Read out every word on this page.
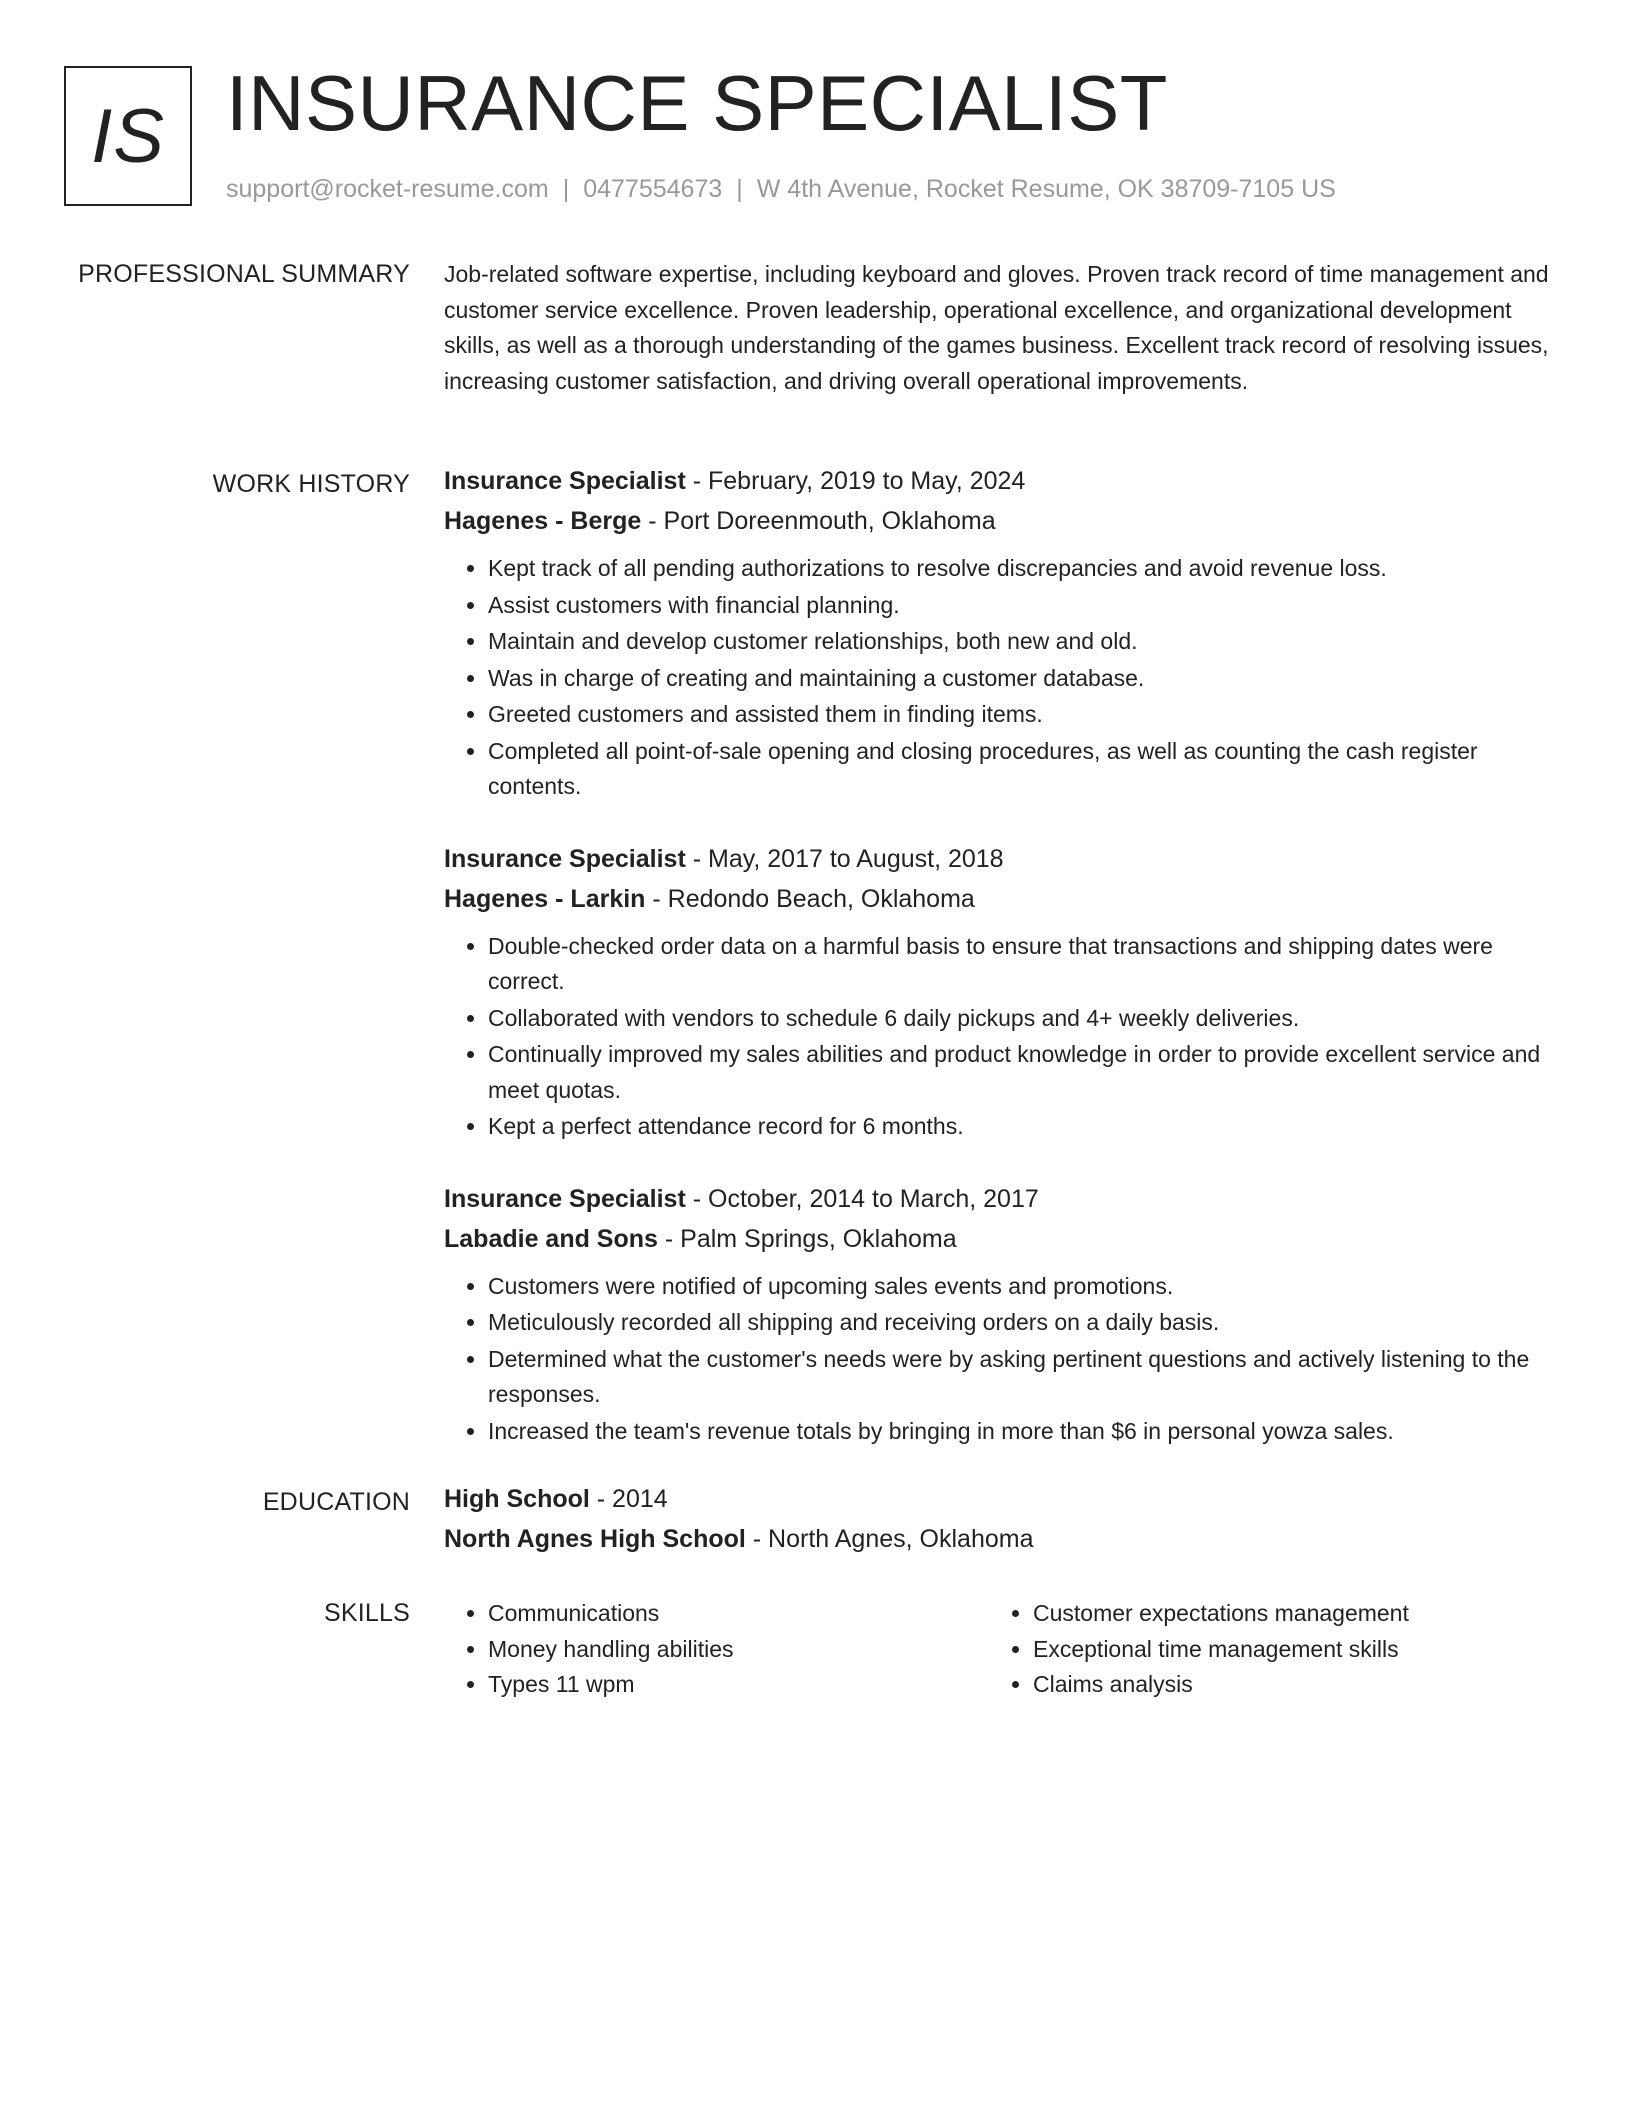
IS INSURANCE SPECIALIST
support@rocket-resume.com | 0477554673 | W 4th Avenue, Rocket Resume, OK 38709-7105 US
PROFESSIONAL SUMMARY Job-related software expertise, including keyboard and gloves. Proven track record of time management and customer service excellence. Proven leadership, operational excellence, and organizational development skills, as well as a thorough understanding of the games business. Excellent track record of resolving issues, increasing customer satisfaction, and driving overall operational improvements.

WORK HISTORY Insurance Specialist - February, 2019 to May, 2024
Hagenes - Berge - Port Doreenmouth, Oklahoma
• Kept track of all pending authorizations to resolve discrepancies and avoid revenue loss.
• Assist customers with financial planning.
• Maintain and develop customer relationships, both new and old.
• Was in charge of creating and maintaining a customer database.
• Greeted customers and assisted them in finding items.
• Completed all point-of-sale opening and closing procedures, as well as counting the cash register contents.
Insurance Specialist - May, 2017 to August, 2018
Hagenes - Larkin - Redondo Beach, Oklahoma
• Double-checked order data on a harmful basis to ensure that transactions and shipping dates were correct.
• Collaborated with vendors to schedule 6 daily pickups and 4+ weekly deliveries.
• Continually improved my sales abilities and product knowledge in order to provide excellent service and meet quotas.
• Kept a perfect attendance record for 6 months.
Insurance Specialist - October, 2014 to March, 2017
Labadie and Sons - Palm Springs, Oklahoma
• Customers were notified of upcoming sales events and promotions.
• Meticulously recorded all shipping and receiving orders on a daily basis.
• Determined what the customer's needs were by asking pertinent questions and actively listening to the responses.
• Increased the team's revenue totals by bringing in more than $6 in personal yowza sales.
EDUCATION High School - 2014
North Agnes High School - North Agnes, Oklahoma
SKILLS
•	Communications
• Money handling abilities
• Types 11 wpm
• Customer expectations management
• Exceptional time management skills
• Claims analysis
